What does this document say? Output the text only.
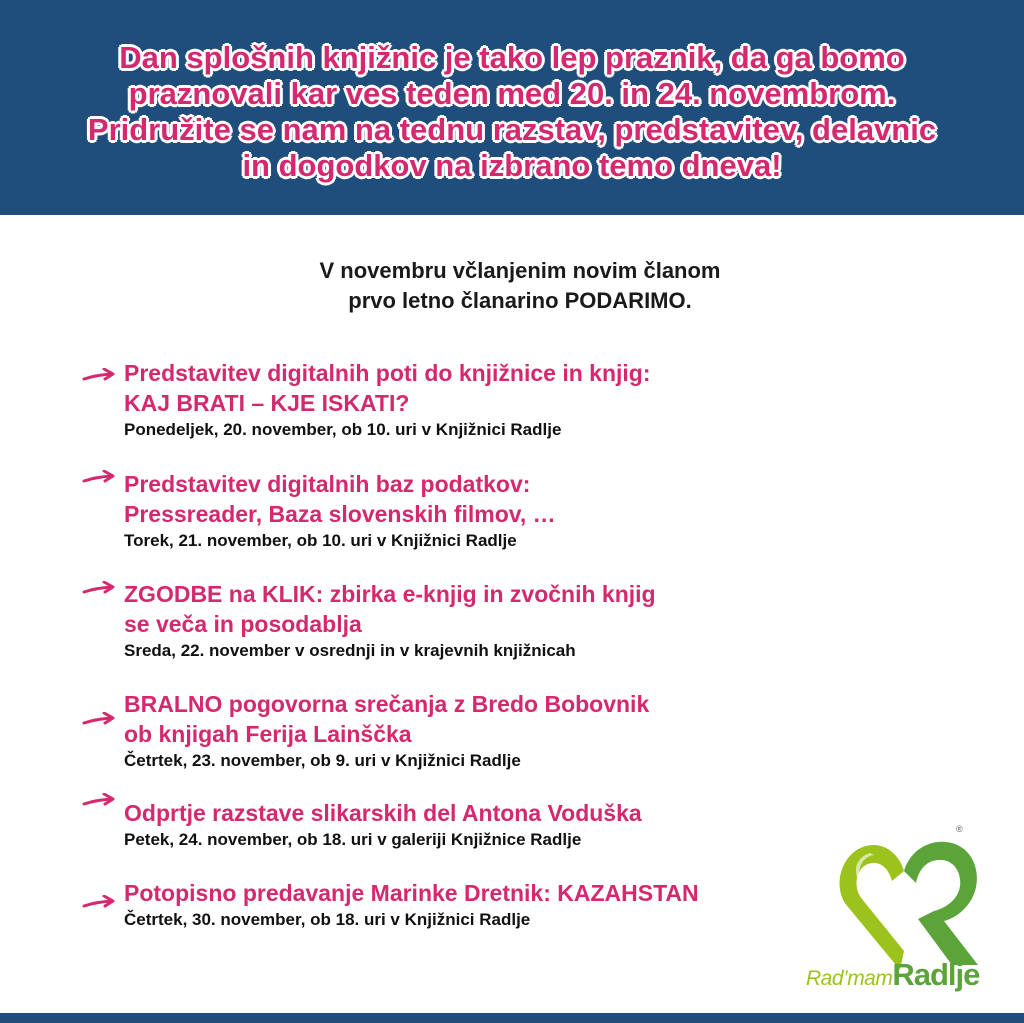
Dan splošnih knjižnic je tako lep praznik, da ga bomo
praznovali kar ves teden med 20. in 24. novembrom.
Pridružite se nam na tednu razstav, predstavitev, delavnic
in dogodkov na izbrano temo dneva!
V novembru včlanjenim novim članom
prvo letno članarino PODARIMO.
Predstavitev digitalnih poti do knjižnice in knjig:
KAJ BRATI – KJE ISKATI?
Ponedeljek, 20. november, ob 10. uri v Knjižnici Radlje
Predstavitev digitalnih baz podatkov:
Pressreader, Baza slovenskih filmov, …
Torek, 21. november, ob 10. uri v Knjižnici Radlje
ZGODBE na KLIK: zbirka e-knjig in zvočnih knjig
se veča in posodablja
Sreda, 22. november v osrednji in v krajevnih knjižnicah
BRALNO pogovorna srečanja z Bredo Bobovnik
ob knjigah Ferija Lainščka
Četrtek, 23. november, ob 9. uri v Knjižnici Radlje
Odprtje razstave slikarskih del Antona Voduška
Petek, 24. november, ob 18. uri v galeriji Knjižnice Radlje
Potopisno predavanje Marinke Dretnik: KAZAHSTAN
Četrtek, 30. november, ob 18. uri v Knjižnici Radlje
®
Rad’mamRadlje
